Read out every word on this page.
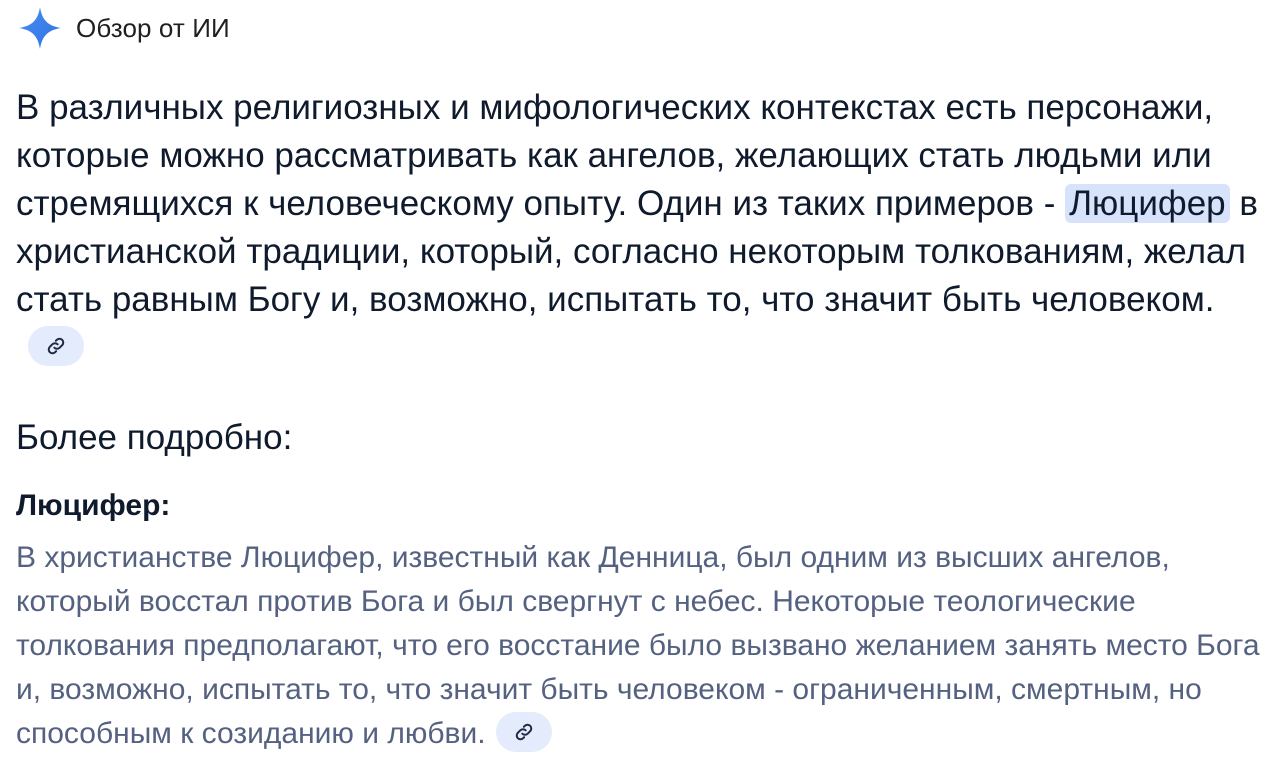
Обзор от ИИ

В различных религиозных и мифологических контекстах есть персонажи, которые можно рассматривать как ангелов, желающих стать людьми или стремящихся к человеческому опыту. Один из таких примеров - Люцифер в христианской традиции, который, согласно некоторым толкованиям, желал стать равным Богу и, возможно, испытать то, что значит быть человеком.

Более подробно:
Люцифер:

В христианстве Люцифер, известный как Денница, был одним из высших ангелов, который восстал против Бога и был свергнут с небес. Некоторые теологические толкования предполагают, что его восстание было вызвано желанием занять место Бога и, возможно, испытать то, что значит быть человеком - ограниченным, смертным, но способным к созиданию и любви.
